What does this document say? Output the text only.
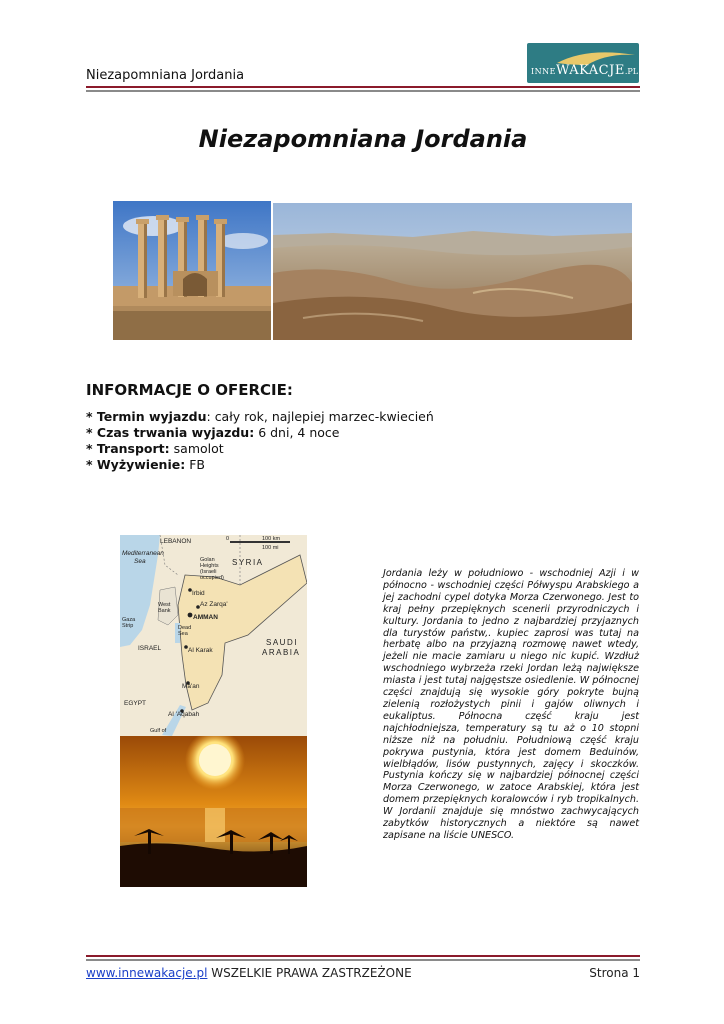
Niezapomniana Jordania	INNEWAKACJE.PL
Niezapomniana Jordania
INFORMACJE O OFERCIE:
* Termin wyjazdu: cały rok, najlepiej marzec-kwiecień
* Czas trwania wyjazdu: 6 dni, 4 noce
* Transport: samolot
* Wyżywienie: FB
100 km
100 mi
0
LEBANON
Mediterranean
Sea	Golan
Heights
(Israeli
occupied)
SYRIA
Irbid
Az Zarqa'
West
Bank
AMMAN
Gaza
Strip	Dead
Sea
ISRAEL	Al Karak
SAUDI
ARABIA
Ma'an
EGYPT
Al 'Aqabah
Gulf of
Jordania leży w południowo - wschodniej Azji i w północno - wschodniej części Półwyspu Arabskiego a jej zachodni cypel dotyka Morza Czerwonego. Jest to kraj pełny przepięknych scenerii przyrodniczych i kultury. Jordania to jedno z najbardziej przyjaznych dla turystów państw,. kupiec zaprosi was tutaj na herbatę albo na przyjazną rozmowę nawet wtedy, jeżeli nie macie zamiaru u niego nic kupić. Wzdłuż wschodniego wybrzeża rzeki Jordan leżą największe miasta i jest tutaj najgęstsze osiedlenie. W północnej części znajdują się wysokie góry pokryte bujną zielenią rozłożystych pinii i gajów oliwnych i eukaliptus. Północna część kraju jest najchłodniejsza, temperatury są tu aż o 10 stopni niższe niż na południu. Południową część kraju pokrywa pustynia, która jest domem Beduinów, wielbłądów, lisów pustynnych, zajęcy i skoczków. Pustynia kończy się w najbardziej północnej części Morza Czerwonego, w zatoce Arabskiej, która jest domem przepięknych koralowców i ryb tropikalnych. W Jordanii znajduje się mnóstwo zachwycających zabytków historycznych a niektóre są nawet zapisane na liście UNESCO.
www.innewakacje.pl WSZELKIE PRAWA ZASTRZEŻONE	Strona 1
